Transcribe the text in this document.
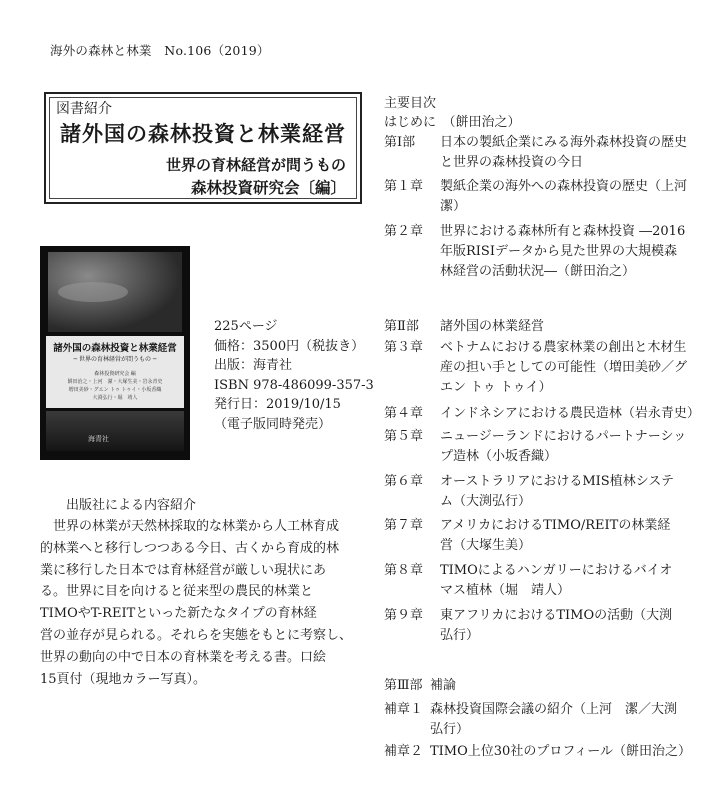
海外の森林と林業　No.106（2019）
図書紹介
諸外国の森林投資と林業経営
世界の育林経営が問うもの
森林投資研究会〔編〕
諸外国の森林投資と林業経営
─ 世界の育林経営が問うもの ─
森林投資研究会 編
餅田治之・上河　潔・大塚生美・岩永青史
増田美砂・グエン トゥ トゥイ・小坂香織
大渕弘行・堀　靖人
海青社
225ページ
価格：3500円（税抜き）
出版：海青社
ISBN 978-486099-357-3
発行日：2019/10/15
（電子版同時発売）
出版社による内容紹介
　世界の林業が天然林採取的な林業から人工林育成
的林業へと移行しつつある今日、古くから育成的林
業に移行した日本では育林経営が厳しい現状にあ
る。世界に目を向けると従来型の農民的林業と
TIMOやT-REITといった新たなタイプの育林経
営の並存が見られる。それらを実態をもとに考察し、
世界の動向の中で日本の育林業を考える書。口絵
15頁付（現地カラー写真）。
主要目次
はじめに　（餅田治之）
第Ⅰ部 日本の製紙企業にみる海外森林投資の歴史
と世界の森林投資の今日
第１章 製紙企業の海外への森林投資の歴史（上河
潔）
第２章 世界における森林所有と森林投資 ―2016
年版RISIデータから見た世界の大規模森
林経営の活動状況―（餅田治之）
第Ⅱ部 諸外国の林業経営
第３章 ベトナムにおける農家林業の創出と木材生
産の担い手としての可能性（増田美砂／グ
エン トゥ トゥイ）
第４章 インドネシアにおける農民造林（岩永青史）
第５章 ニュージーランドにおけるパートナーシッ
プ造林（小坂香織）
第６章 オーストラリアにおけるMIS植林システ
ム（大渕弘行）
第７章 アメリカにおけるTIMO/REITの林業経
営（大塚生美）
第８章 TIMOによるハンガリーにおけるバイオ
マス植林（堀　靖人）
第９章 東アフリカにおけるTIMOの活動（大渕
弘行）
第Ⅲ部 補論
補章１ 森林投資国際会議の紹介（上河　潔／大渕
弘行）
補章２ TIMO上位30社のプロフィール（餅田治之）
